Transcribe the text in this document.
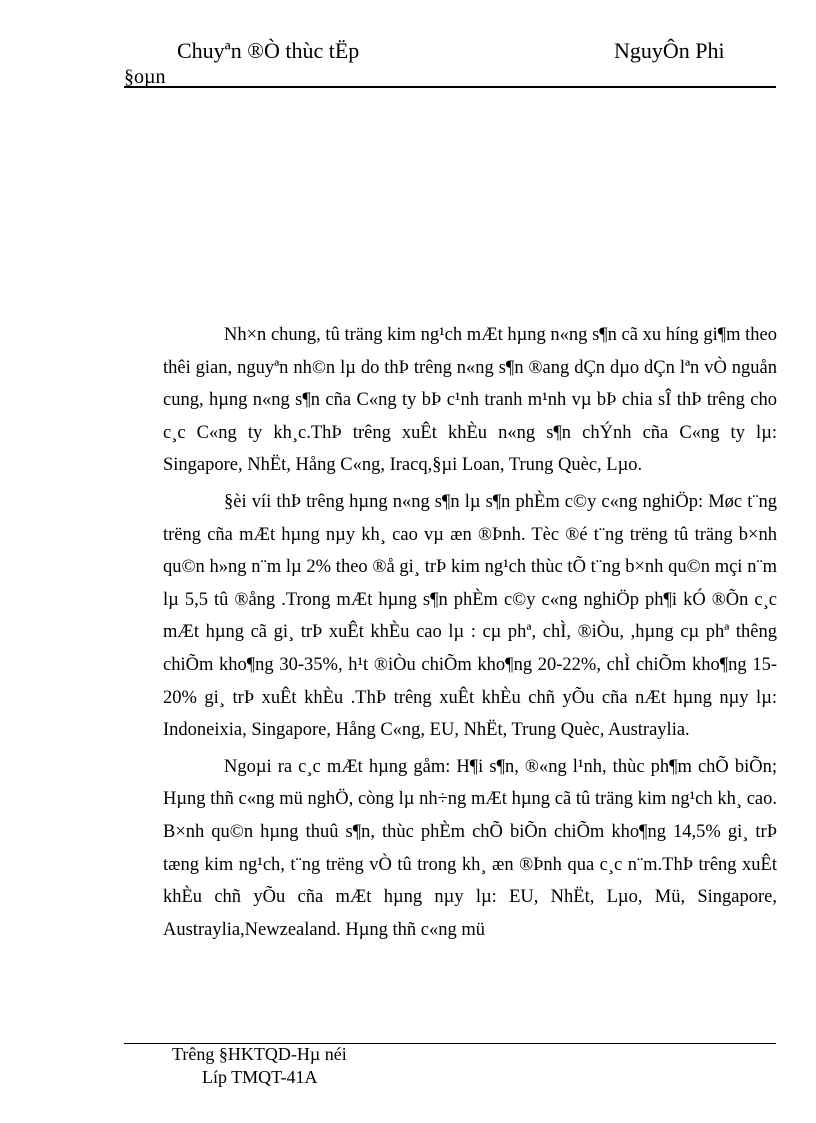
Chuyªn ®Ò thùc tËp	NguyÔn Phi
§oµn

Nh×n chung, tû träng kim ng¹ch mÆt hµng n«ng s¶n cã xu híng gi¶m theo thêi gian, nguyªn nh©n lµ do thÞ trêng n«ng s¶n ®ang dÇn dµo dÇn lªn vÒ nguån cung, hµng n«ng s¶n cña C«ng ty bÞ c¹nh tranh m¹nh vµ bÞ chia sÎ thÞ trêng cho c¸c C«ng ty kh¸c.ThÞ trêng xuÊt khÈu n«ng s¶n chÝnh cña C«ng ty lµ: Singapore, NhËt, Hång C«ng, Iracq,§µi Loan, Trung Quèc, Lµo.

§èi víi thÞ trêng hµng n«ng s¶n lµ s¶n phÈm c©y c«ng nghiÖp: Møc t¨ng trëng cña mÆt hµng nµy kh¸ cao vµ æn ®Þnh. Tèc ®é t¨ng trëng tû träng b×nh qu©n h»ng n¨m lµ 2% theo ®å gi¸ trÞ kim ng¹ch thùc tÕ t¨ng b×nh qu©n mçi n¨m lµ 5,5 tû ®ång .Trong mÆt hµng s¶n phÈm c©y c«ng nghiÖp ph¶i kÓ ®Õn c¸c mÆt hµng cã gi¸ trÞ xuÊt khÈu cao lµ : cµ phª, chÌ, ®iÒu, ,hµng cµ phª thêng chiÕm kho¶ng 30-35%, h¹t ®iÒu chiÕm kho¶ng 20-22%, chÌ chiÕm kho¶ng 15-20% gi¸ trÞ xuÊt khÈu .ThÞ trêng xuÊt khÈu chñ yÕu cña nÆt hµng nµy lµ: Indoneixia, Singapore, Hång C«ng, EU, NhËt, Trung Quèc, Austraylia.

Ngoµi ra c¸c mÆt hµng gåm: H¶i s¶n, ®«ng l¹nh, thùc ph¶m chÕ biÕn; Hµng thñ c«ng mü nghÖ, còng lµ nh÷ng mÆt hµng cã tû träng kim ng¹ch kh¸ cao. B×nh qu©n hµng thuû s¶n, thùc phÈm chÕ biÕn chiÕm kho¶ng 14,5% gi¸ trÞ tæng kim ng¹ch, t¨ng trëng vÒ tû trong kh¸ æn ®Þnh qua c¸c n¨m.ThÞ trêng xuÊt khÈu chñ yÕu cña mÆt hµng nµy lµ: EU, NhËt, Lµo, Mü, Singapore, Austraylia,Newzealand. Hµng thñ c«ng mü

Trêng §HKTQD-Hµ néi
Líp TMQT-41A
